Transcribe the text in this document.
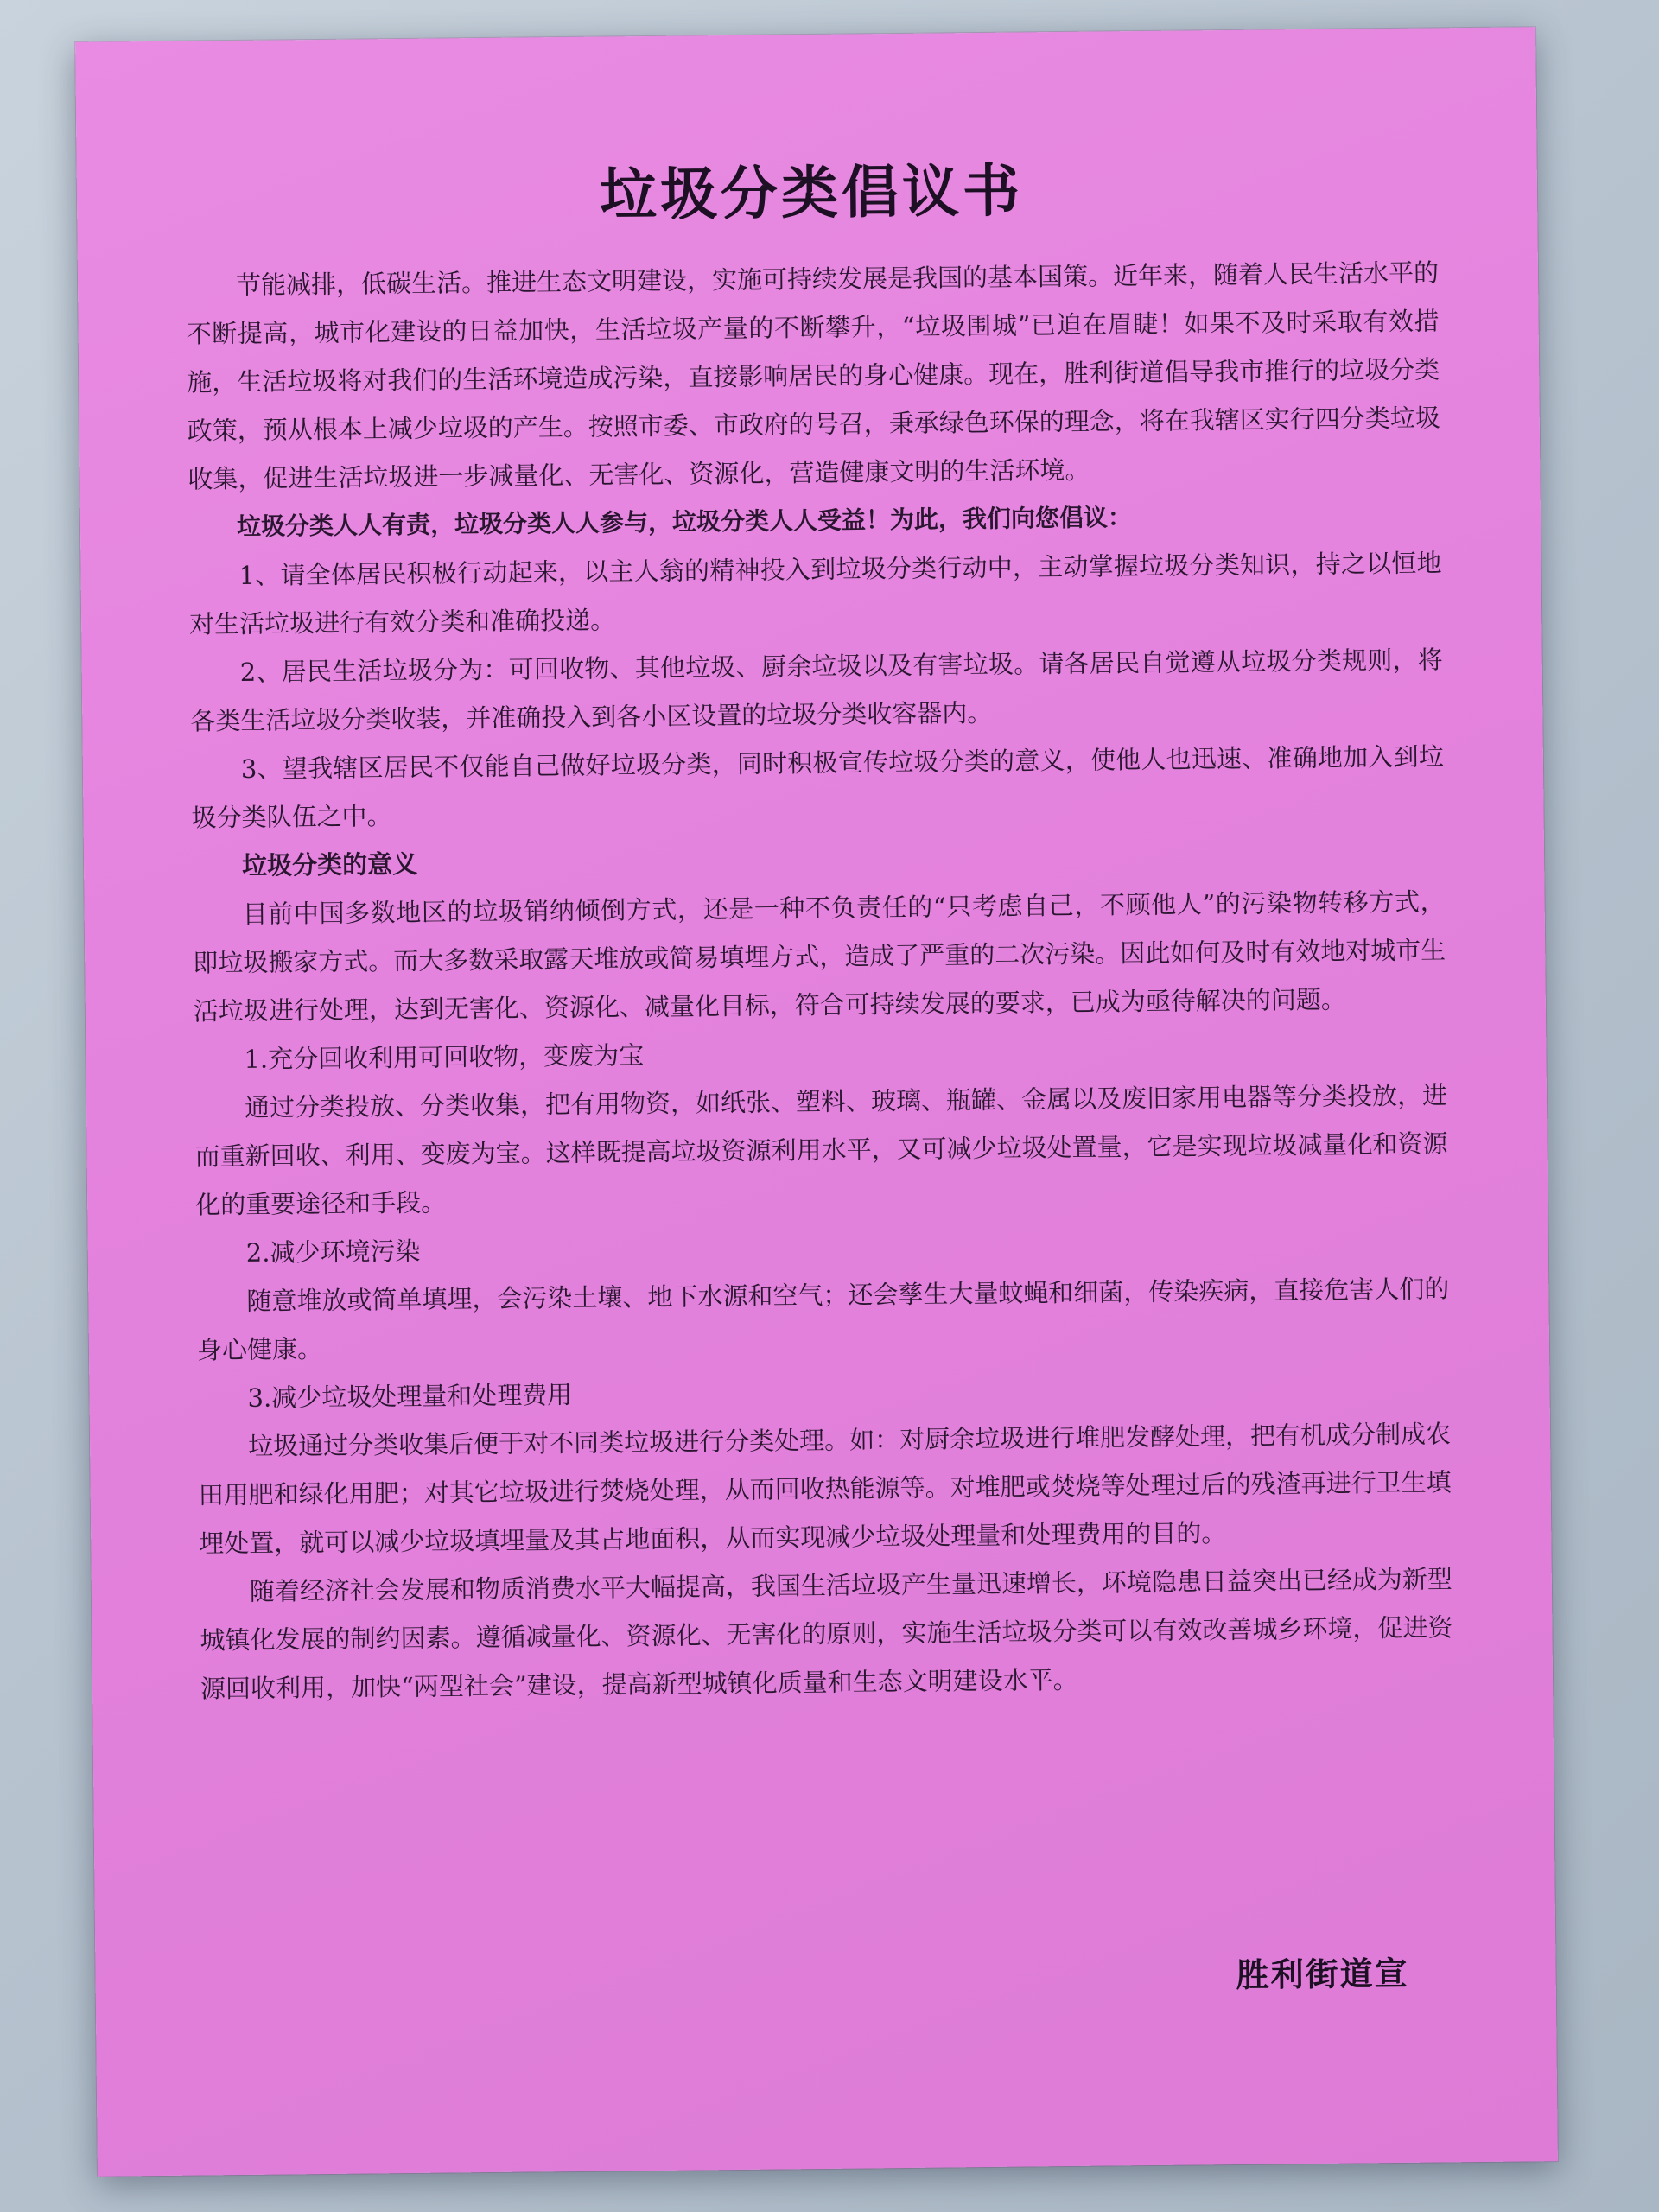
垃圾分类倡议书

节能减排，低碳生活。推进生态文明建设，实施可持续发展是我国的基本国策。近年来，随着人民生活水平的不断提高，城市化建设的日益加快，生活垃圾产量的不断攀升，“垃圾围城”已迫在眉睫！如果不及时采取有效措施，生活垃圾将对我们的生活环境造成污染，直接影响居民的身心健康。现在，胜利街道倡导我市推行的垃圾分类政策，预从根本上减少垃圾的产生。按照市委、市政府的号召，秉承绿色环保的理念，将在我辖区实行四分类垃圾收集，促进生活垃圾进一步减量化、无害化、资源化，营造健康文明的生活环境。

垃圾分类人人有责，垃圾分类人人参与，垃圾分类人人受益！为此，我们向您倡议：

1、请全体居民积极行动起来，以主人翁的精神投入到垃圾分类行动中，主动掌握垃圾分类知识，持之以恒地对生活垃圾进行有效分类和准确投递。

2、居民生活垃圾分为：可回收物、其他垃圾、厨余垃圾以及有害垃圾。请各居民自觉遵从垃圾分类规则，将各类生活垃圾分类收装，并准确投入到各小区设置的垃圾分类收容器内。

3、望我辖区居民不仅能自己做好垃圾分类，同时积极宣传垃圾分类的意义，使他人也迅速、准确地加入到垃圾分类队伍之中。

垃圾分类的意义

目前中国多数地区的垃圾销纳倾倒方式，还是一种不负责任的“只考虑自己，不顾他人”的污染物转移方式，即垃圾搬家方式。而大多数采取露天堆放或简易填埋方式，造成了严重的二次污染。因此如何及时有效地对城市生活垃圾进行处理，达到无害化、资源化、减量化目标，符合可持续发展的要求，已成为亟待解决的问题。

1.充分回收利用可回收物，变废为宝

通过分类投放、分类收集，把有用物资，如纸张、塑料、玻璃、瓶罐、金属以及废旧家用电器等分类投放，进而重新回收、利用、变废为宝。这样既提高垃圾资源利用水平，又可减少垃圾处置量，它是实现垃圾减量化和资源化的重要途径和手段。

2.减少环境污染

随意堆放或简单填埋，会污染土壤、地下水源和空气；还会孳生大量蚊蝇和细菌，传染疾病，直接危害人们的身心健康。

3.减少垃圾处理量和处理费用

垃圾通过分类收集后便于对不同类垃圾进行分类处理。如：对厨余垃圾进行堆肥发酵处理，把有机成分制成农田用肥和绿化用肥；对其它垃圾进行焚烧处理，从而回收热能源等。对堆肥或焚烧等处理过后的残渣再进行卫生填埋处置，就可以减少垃圾填埋量及其占地面积，从而实现减少垃圾处理量和处理费用的目的。

随着经济社会发展和物质消费水平大幅提高，我国生活垃圾产生量迅速增长，环境隐患日益突出已经成为新型城镇化发展的制约因素。遵循减量化、资源化、无害化的原则，实施生活垃圾分类可以有效改善城乡环境，促进资源回收利用，加快“两型社会”建设，提高新型城镇化质量和生态文明建设水平。

胜利街道宣
